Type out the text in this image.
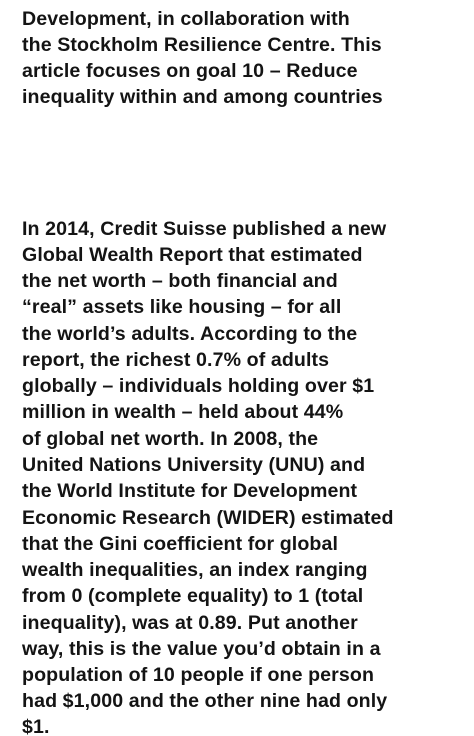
Development, in collaboration with
the Stockholm Resilience Centre. This
article focuses on goal 10 – Reduce
inequality within and among countries
In 2014, Credit Suisse published a new
Global Wealth Report that estimated
the net worth – both financial and
“real” assets like housing – for all
the world’s adults. According to the
report, the richest 0.7% of adults
globally – individuals holding over $1
million in wealth – held about 44%
of global net worth. In 2008, the
United Nations University (UNU) and
the World Institute for Development
Economic Research (WIDER) estimated
that the Gini coefficient for global
wealth inequalities, an index ranging
from 0 (complete equality) to 1 (total
inequality), was at 0.89. Put another
way, this is the value you’d obtain in a
population of 10 people if one person
had $1,000 and the other nine had only
$1.
